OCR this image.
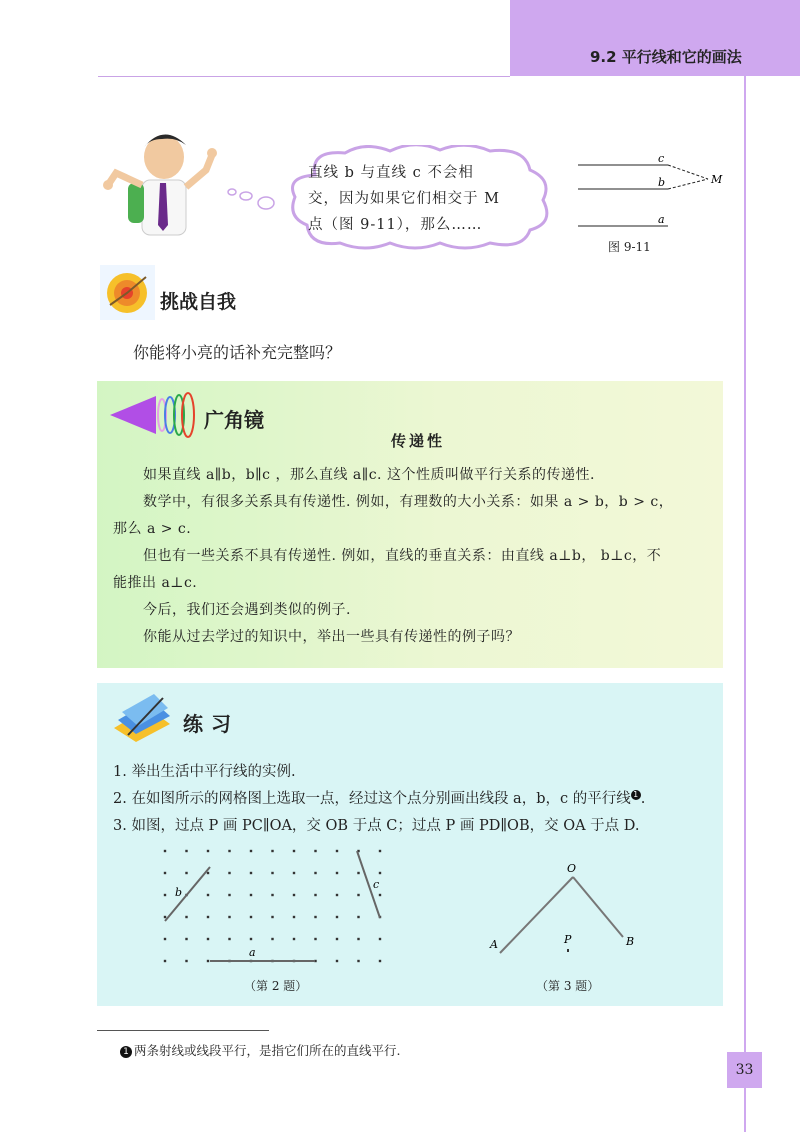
9.2 平行线和它的画法
直线 b 与直线 c 不会相
交，因为如果它们相交于 M
点（图 9-11），那么……
c
b
a
M
图 9-11
挑战自我
你能将小亮的话补充完整吗？
广角镜
传递性
如果直线 a∥b，b∥c ，那么直线 a∥c. 这个性质叫做平行关系的传递性.
数学中，有很多关系具有传递性. 例如，有理数的大小关系：如果 a > b，b > c，
那么 a > c.
但也有一些关系不具有传递性. 例如，直线的垂直关系：由直线 a⊥b， b⊥c，不
能推出 a⊥c.
今后，我们还会遇到类似的例子.
你能从过去学过的知识中，举出一些具有传递性的例子吗？
练习
1. 举出生活中平行线的实例.
2. 在如图所示的网格图上选取一点，经过这个点分别画出线段 a，b，c 的平行线 1 .
3. 如图，过点 P 画 PC∥OA，交 OB 于点 C；过点 P 画 PD∥OB，交 OA 于点 D.
b
a
c
（第 2 题）
O
A	B
P
（第 3 题）
1 两条射线或线段平行，是指它们所在的直线平行.
33
